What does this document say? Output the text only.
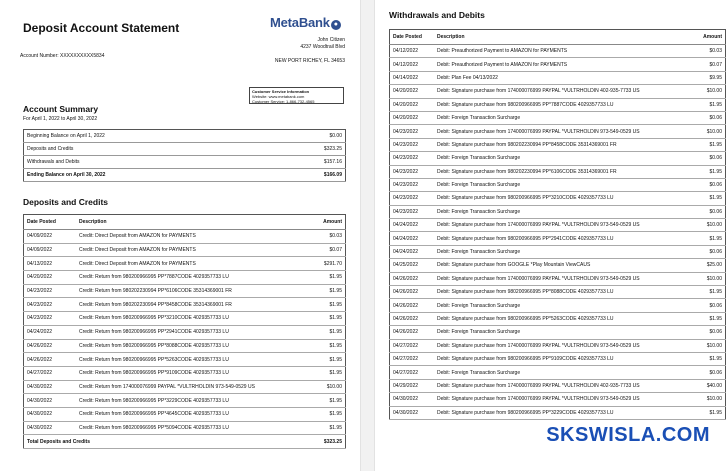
Deposit Account Statement
Account Number: XXXXXXXXXX5834
MetaBank ●
John Citizen
4237 Woodtrail Blvd
NEW PORT RICHEY, FL 34653
Customer Service Information
Website: www.metabank.com
Customer Service: 1-866-732-4565
Account Summary
For April 1, 2022 to April 30, 2022
Beginning Balance on April 1, 2022	$0.00
Deposits and Credits	$323.25
Withdrawals and Debits	$157.16
Ending Balance on April 30, 2022	$166.09
Deposits and Credits
Date Posted	Description	Amount
04/09/2022	Credit: Direct Deposit from AMAZON for PAYMENTS	$0.03
04/09/2022	Credit: Direct Deposit from AMAZON for PAYMENTS	$0.07
04/13/2022	Credit: Direct Deposit from AMAZON for PAYMENTS	$291.70
04/20/2022	Credit: Return from 980200966995 PP*7887CODE 4029357733 LU	$1.95
04/23/2022	Credit: Return from 980202230994 PP*6106CODE 35314369001 FR	$1.95
04/23/2022	Credit: Return from 980202230994 PP*8458CODE 35314369001 FR	$1.95
04/23/2022	Credit: Return from 980200966995 PP*3210CODE 4029357733 LU	$1.95
04/24/2022	Credit: Return from 980200966995 PP*2941CODE 4029357733 LU	$1.95
04/26/2022	Credit: Return from 980200966995 PP*8088CODE 4029357733 LU	$1.95
04/26/2022	Credit: Return from 980200966995 PP*5263CODE 4029357733 LU	$1.95
04/27/2022	Credit: Return from 980200966995 PP*9109CODE 4029357733 LU	$1.95
04/30/2022	Credit: Return from 174000076999 PAYPAL *VULTRHOLDIN 973-549-0529 US	$10.00
04/30/2022	Credit: Return from 980200966995 PP*3229CODE 4029357733 LU	$1.95
04/30/2022	Credit: Return from 980200966995 PP*4645CODE 4029357733 LU	$1.95
04/30/2022	Credit: Return from 980200966995 PP*5094CODE 4029357733 LU	$1.95
Total Deposits and Credits		$323.25
Withdrawals and Debits
Date Posted	Description	Amount
04/12/2022	Debit: Preauthorized Payment to AMAZON for PAYMENTS	$0.03
04/12/2022	Debit: Preauthorized Payment to AMAZON for PAYMENTS	$0.07
04/14/2022	Debit: Plan Fee 04/13/2022	$9.95
04/20/2022	Debit: Signature purchase from 174000076999 PAYPAL *VULTRHOLDIN 402-935-7733 US	$10.00
04/20/2022	Debit: Signature purchase from 980200966995 PP*7887CODE 4029357733 LU	$1.95
04/20/2022	Debit: Foreign Transaction Surcharge	$0.06
04/23/2022	Debit: Signature purchase from 174000076999 PAYPAL *VULTRHOLDIN 973-549-0529 US	$10.00
04/23/2022	Debit: Signature purchase from 980202230994 PP*8458CODE 35314369001 FR	$1.95
04/23/2022	Debit: Foreign Transaction Surcharge	$0.06
04/23/2022	Debit: Signature purchase from 980202230994 PP*6106CODE 35314369001 FR	$1.95
04/23/2022	Debit: Foreign Transaction Surcharge	$0.06
04/23/2022	Debit: Signature purchase from 980200966995 PP*3210CODE 4029357733 LU	$1.95
04/23/2022	Debit: Foreign Transaction Surcharge	$0.06
04/24/2022	Debit: Signature purchase from 174000076999 PAYPAL *VULTRHOLDIN 973-549-0529 US	$10.00
04/24/2022	Debit: Signature purchase from 980200966995 PP*2941CODE 4029357733 LU	$1.95
04/24/2022	Debit: Foreign Transaction Surcharge	$0.06
04/25/2022	Debit: Signature purchase from GOOGLE *Play Mountain ViewCAUS	$25.00
04/26/2022	Debit: Signature purchase from 174000076999 PAYPAL *VULTRHOLDIN 973-549-0529 US	$10.00
04/26/2022	Debit: Signature purchase from 980200966995 PP*8088CODE 4029357733 LU	$1.95
04/26/2022	Debit: Foreign Transaction Surcharge	$0.06
04/26/2022	Debit: Signature purchase from 980200966995 PP*5263CODE 4029357733 LU	$1.95
04/26/2022	Debit: Foreign Transaction Surcharge	$0.06
04/27/2022	Debit: Signature purchase from 174000076999 PAYPAL *VULTRHOLDIN 973-549-0529 US	$10.00
04/27/2022	Debit: Signature purchase from 980200966995 PP*9109CODE 4029357733 LU	$1.95
04/27/2022	Debit: Foreign Transaction Surcharge	$0.06
04/29/2022	Debit: Signature purchase from 174000076999 PAYPAL *VULTRHOLDIN 402-935-7733 US	$40.00
04/30/2022	Debit: Signature purchase from 174000076999 PAYPAL *VULTRHOLDIN 973-549-0529 US	$10.00
04/30/2022	Debit: Signature purchase from 980200966995 PP*3229CODE 4029357733 LU	$1.95
SKSWISLA.COM
